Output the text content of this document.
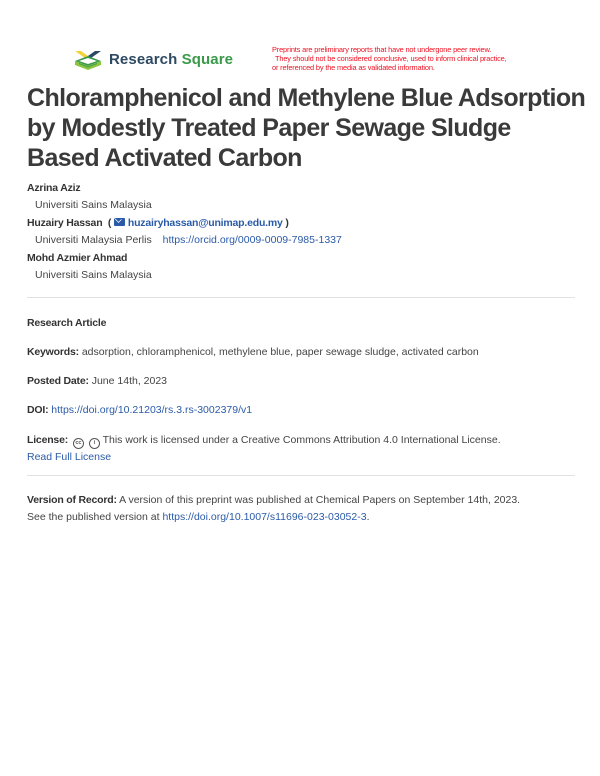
Research Square
Preprints are preliminary reports that have not undergone peer review.
They should not be considered conclusive, used to inform clinical practice,
or referenced by the media as validated information.
Chloramphenicol and Methylene Blue Adsorption by Modestly Treated Paper Sewage Sludge Based Activated Carbon
Azrina Aziz
Universiti Sains Malaysia
Huzairy Hassan ( huzairyhassan@unimap.edu.my )
Universiti Malaysia Perlis https://orcid.org/0009-0009-7985-1337
Mohd Azmier Ahmad
Universiti Sains Malaysia
Research Article
Keywords: adsorption, chloramphenicol, methylene blue, paper sewage sludge, activated carbon
Posted Date: June 14th, 2023
DOI: https://doi.org/10.21203/rs.3.rs-3002379/v1
License: cc i This work is licensed under a Creative Commons Attribution 4.0 International License.
Read Full License
Version of Record: A version of this preprint was published at Chemical Papers on September 14th, 2023.
See the published version at https://doi.org/10.1007/s11696-023-03052-3.
